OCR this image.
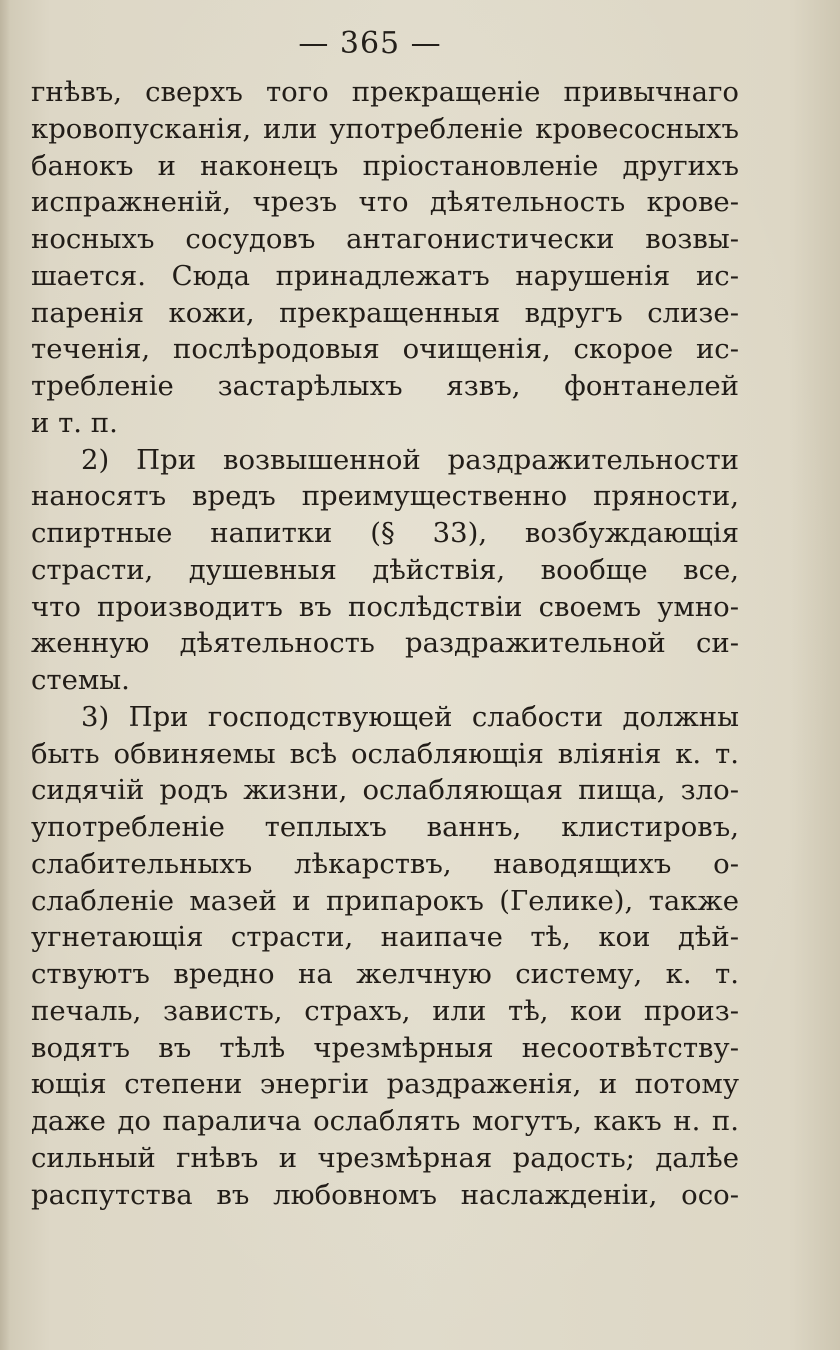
— 365 —
гнѣвъ, сверхъ того прекращеніе привычнаго
кровопусканія, или употребленіе кровесосныхъ
банокъ и наконецъ пріостановленіе другихъ
испражненій, чрезъ что дѣятельность крове-
носныхъ сосудовъ антагонистически возвы-
шается. Сюда принадлежатъ нарушенія ис-
паренія кожи, прекращенныя вдругъ слизе-
теченія, послѣродовыя очищенія, скорое ис-
требленіе застарѣлыхъ язвъ, фонтанелей
и т. п.
2) При возвышенной раздражительности
наносятъ вредъ преимущественно пряности,
спиртные напитки (§ 33), возбуждающія
страсти, душевныя дѣйствія, вообще все,
что производитъ въ послѣдствіи своемъ умно-
женную дѣятельность раздражительной си-
стемы.
3) При господствующей слабости должны
быть обвиняемы всѣ ослабляющія вліянія к. т.
сидячій родъ жизни, ослабляющая пища, зло-
употребленіе теплыхъ ваннъ, клистировъ,
слабительныхъ лѣкарствъ, наводящихъ о-
слабленіе мазей и припарокъ (Гелике), также
угнетающія страсти, наипаче тѣ, кои дѣй-
ствуютъ вредно на желчную систему, к. т.
печаль, зависть, страхъ, или тѣ, кои произ-
водятъ въ тѣлѣ чрезмѣрныя несоотвѣтству-
ющія степени энергіи раздраженія, и потому
даже до паралича ослаблять могутъ, какъ н. п.
сильный гнѣвъ и чрезмѣрная радость; далѣе
распутства въ любовномъ наслажденіи, осо-
